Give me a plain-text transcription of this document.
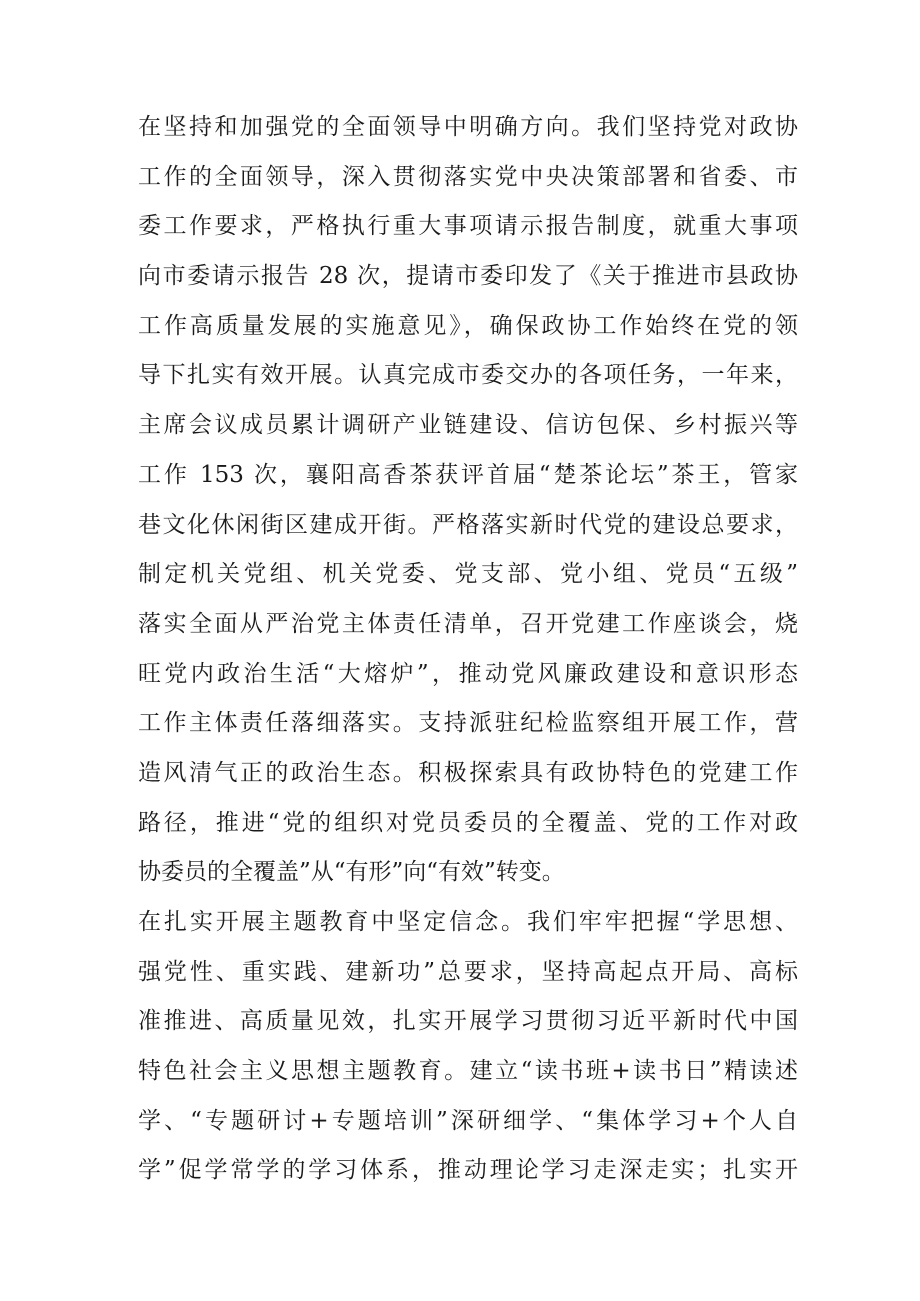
在坚持和加强党的全面领导中明确方向。我们坚持党对政协
工作的全面领导，深入贯彻落实党中央决策部署和省委、市
委工作要求，严格执行重大事项请示报告制度，就重大事项
向市委请示报告 28 次，提请市委印发了《关于推进市县政协
工作高质量发展的实施意见》，确保政协工作始终在党的领
导下扎实有效开展。认真完成市委交办的各项任务，一年来，
主席会议成员累计调研产业链建设、信访包保、乡村振兴等
工作 153 次，襄阳高香茶获评首届“楚茶论坛”茶王，管家
巷文化休闲街区建成开街。严格落实新时代党的建设总要求，
制定机关党组、机关党委、党支部、党小组、党员“五级”
落实全面从严治党主体责任清单，召开党建工作座谈会，烧
旺党内政治生活“大熔炉”，推动党风廉政建设和意识形态
工作主体责任落细落实。支持派驻纪检监察组开展工作，营
造风清气正的政治生态。积极探索具有政协特色的党建工作
路径，推进“党的组织对党员委员的全覆盖、党的工作对政
协委员的全覆盖”从“有形”向“有效”转变。
在扎实开展主题教育中坚定信念。我们牢牢把握“学思想、
强党性、重实践、建新功”总要求，坚持高起点开局、高标
准推进、高质量见效，扎实开展学习贯彻习近平新时代中国
特色社会主义思想主题教育。建立“读书班+读书日”精读述
学、“专题研讨+专题培训”深研细学、“集体学习+个人自
学”促学常学的学习体系，推动理论学习走深走实；扎实开
